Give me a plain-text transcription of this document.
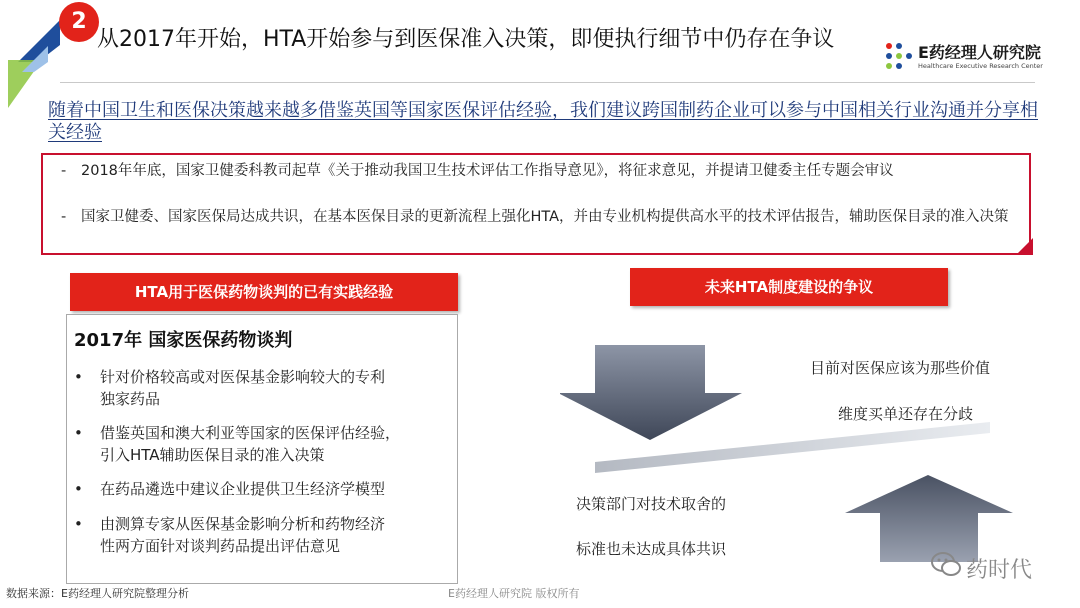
2
从2017年开始，HTA开始参与到医保准入决策，即便执行细节中仍存在争议
E药经理人研究院
Healthcare Executive Research Center
随着中国卫生和医保决策越来越多借鉴英国等国家医保评估经验，我们建议跨国制药企业可以参与中国相关行业沟通并分享相关经验
- 2018年年底，国家卫健委科教司起草《关于推动我国卫生技术评估工作指导意见》，将征求意见，并提请卫健委主任专题会审议
- 国家卫健委、国家医保局达成共识，在基本医保目录的更新流程上强化HTA，并由专业机构提供高水平的技术评估报告，辅助医保目录的准入决策
HTA用于医保药物谈判的已有实践经验
2017年 国家医保药物谈判
• 针对价格较高或对医保基金影响较大的专利
独家药品
• 借鉴英国和澳大利亚等国家的医保评估经验，
引入HTA辅助医保目录的准入决策
• 在药品遴选中建议企业提供卫生经济学模型
• 由测算专家从医保基金影响分析和药物经济
性两方面针对谈判药品提出评估意见
未来HTA制度建设的争议
目前对医保应该为那些价值
维度买单还存在分歧
决策部门对技术取舍的
标准也未达成具体共识
数据来源：E药经理人研究院整理分析	E药经理人研究院 版权所有
药时代
